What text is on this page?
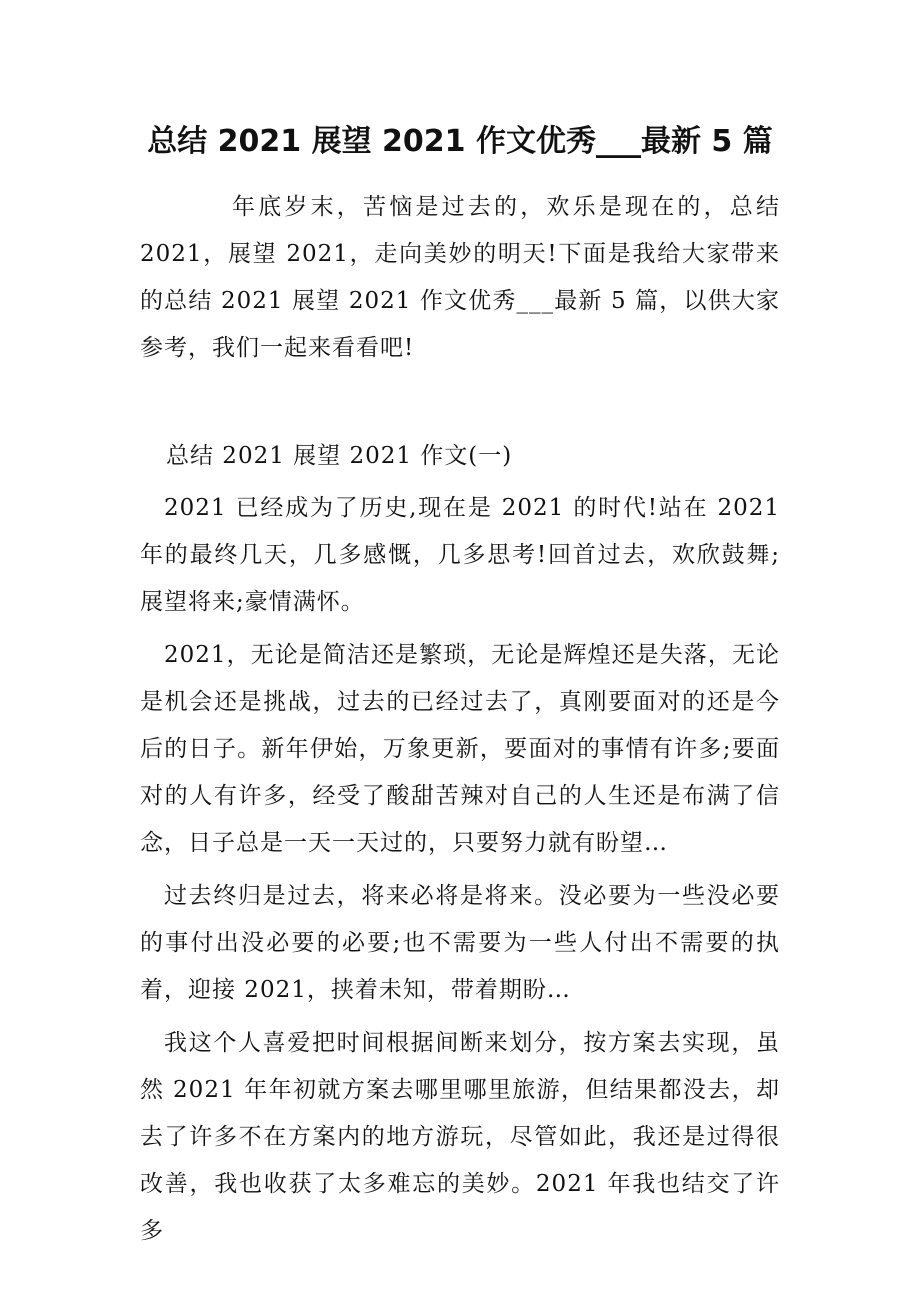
总结 2021 展望 2021 作文优秀___最新 5 篇

年底岁末，苦恼是过去的，欢乐是现在的，总结 2021，展望 2021，走向美妙的明天!下面是我给大家带来的总结 2021 展望 2021 作文优秀___最新 5 篇，以供大家参考，我们一起来看看吧!

总结 2021 展望 2021 作文(一)

2021 已经成为了历史,现在是 2021 的时代!站在 2021 年的最终几天，几多感慨，几多思考!回首过去，欢欣鼓舞;展望将来;豪情满怀。

2021，无论是简洁还是繁琐，无论是辉煌还是失落，无论是机会还是挑战，过去的已经过去了，真刚要面对的还是今后的日子。新年伊始，万象更新，要面对的事情有许多;要面对的人有许多，经受了酸甜苦辣对自己的人生还是布满了信念，日子总是一天一天过的，只要努力就有盼望…

过去终归是过去，将来必将是将来。没必要为一些没必要的事付出没必要的必要;也不需要为一些人付出不需要的执着，迎接 2021，挟着未知，带着期盼…

我这个人喜爱把时间根据间断来划分，按方案去实现，虽然 2021 年年初就方案去哪里哪里旅游，但结果都没去，却去了许多不在方案内的地方游玩，尽管如此，我还是过得很改善，我也收获了太多难忘的美妙。2021 年我也结交了许多
